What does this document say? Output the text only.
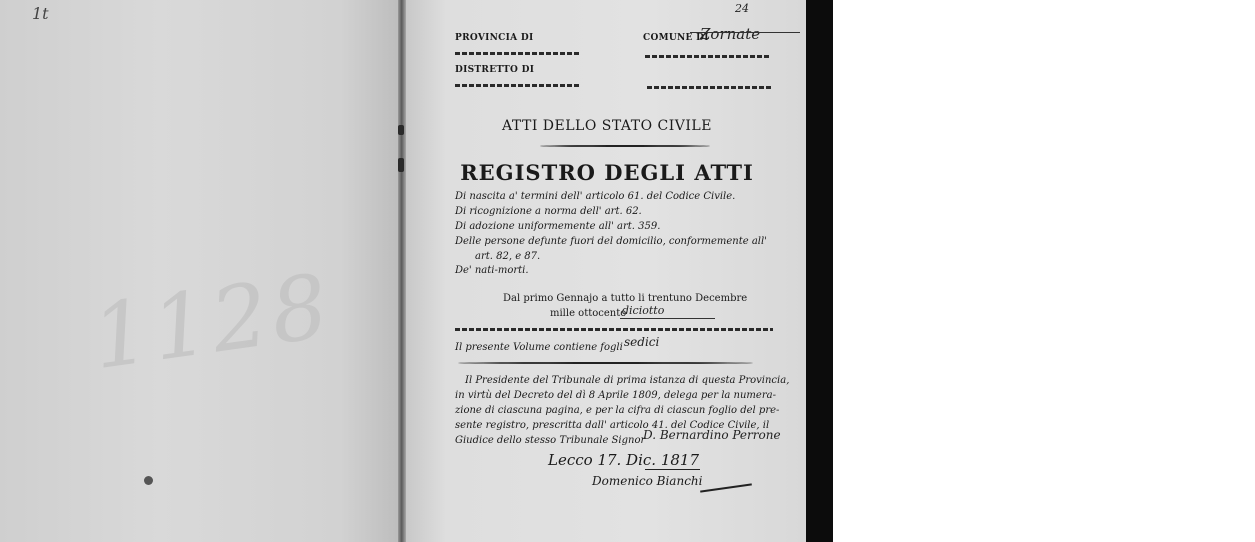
1t
1128
PROVINCIA DI	COMUNE DI
Zornate
24
DISTRETTO DI
ATTI DELLO STATO CIVILE
REGISTRO DEGLI ATTI
Di nascita a' termini dell' articolo 61. del Codice Civile.
Di ricognizione a norma dell' art. 62.
Di adozione uniformemente all' art. 359.
Delle persone defunte fuori del domicilio, conformemente all'
art. 82, e 87.
De' nati-morti.
Dal primo Gennajo a tutto li trentuno Decembre
mille ottocento
diciotto
Il presente Volume contiene fogli sedici
Il Presidente del Tribunale di prima istanza di questa Provincia,
in virtù del Decreto del dì 8 Aprile 1809, delega per la numera-
zione di ciascuna pagina, e per la cifra di ciascun foglio del pre-
sente registro, prescritta dall' articolo 41. del Codice Civile, il
Giudice dello stesso Tribunale Signor
D. Bernardino Perrone
Lecco 17. Dic. 1817
Domenico Bianchi
